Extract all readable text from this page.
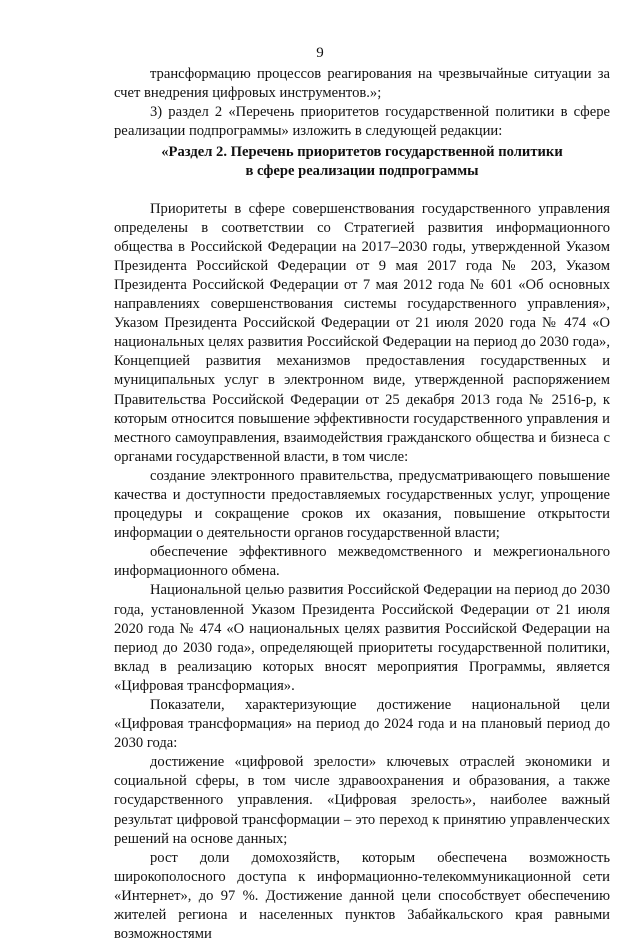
9

трансформацию процессов реагирования на чрезвычайные ситуации за счет внедрения цифровых инструментов.»;

3) раздел 2 «Перечень приоритетов государственной политики в сфере реализации подпрограммы» изложить в следующей редакции:

«Раздел 2. Перечень приоритетов государственной политики
в сфере реализации подпрограммы

Приоритеты в сфере совершенствования государственного управления определены в соответствии со Стратегией развития информационного общества в Российской Федерации на 2017–2030 годы, утвержденной Указом Президента Российской Федерации от 9 мая 2017 года № 203, Указом Президента Российской Федерации от 7 мая 2012 года № 601 «Об основных направлениях совершенствования системы государственного управления», Указом Президента Российской Федерации от 21 июля 2020 года № 474 «О национальных целях развития Российской Федерации на период до 2030 года», Концепцией развития механизмов предоставления государственных и муниципальных услуг в электронном виде, утвержденной распоряжением Правительства Российской Федерации от 25 декабря 2013 года № 2516-р, к которым относится повышение эффективности государственного управления и местного самоуправления, взаимодействия гражданского общества и бизнеса с органами государственной власти, в том числе:

создание электронного правительства, предусматривающего повышение качества и доступности предоставляемых государственных услуг, упрощение процедуры и сокращение сроков их оказания, повышение открытости информации о деятельности органов государственной власти;

обеспечение эффективного межведомственного и межрегионального информационного обмена.

Национальной целью развития Российской Федерации на период до 2030 года, установленной Указом Президента Российской Федерации от 21 июля 2020 года № 474 «О национальных целях развития Российской Федерации на период до 2030 года», определяющей приоритеты государственной политики, вклад в реализацию которых вносят мероприятия Программы, является «Цифровая трансформация».

Показатели, характеризующие достижение национальной цели «Цифровая трансформация» на период до 2024 года и на плановый период до 2030 года:

достижение «цифровой зрелости» ключевых отраслей экономики и социальной сферы, в том числе здравоохранения и образования, а также государственного управления. «Цифровая зрелость», наиболее важный результат цифровой трансформации – это переход к принятию управленческих решений на основе данных;

рост доли домохозяйств, которым обеспечена возможность широкополосного доступа к информационно-телекоммуникационной сети «Интернет», до 97 %. Достижение данной цели способствует обеспечению жителей региона и населенных пунктов Забайкальского края равными возможностями
